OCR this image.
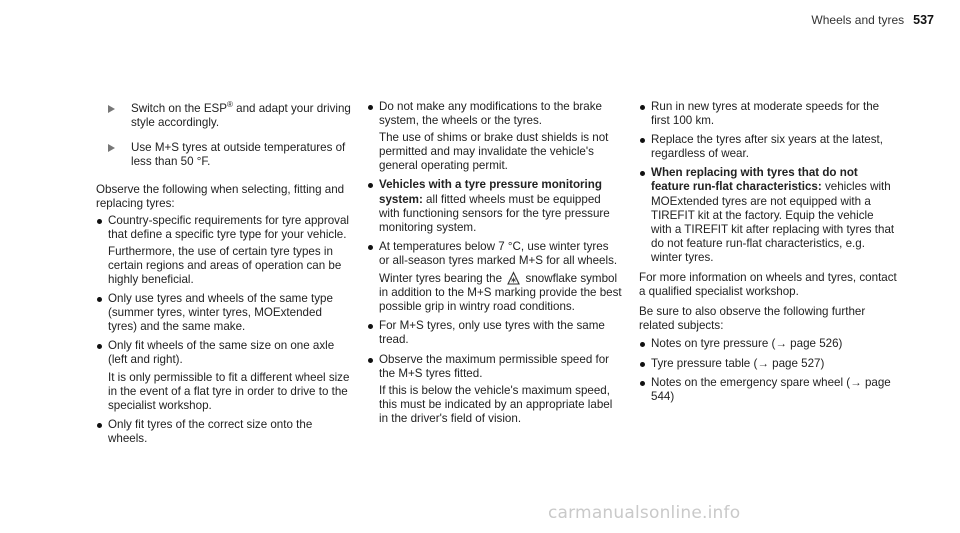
Wheels and tyres 537
Switch on the ESP® and adapt your driving style accordingly.
Use M+S tyres at outside temperatures of less than 50 °F.

Observe the following when selecting, fitting and replacing tyres:

Country-specific requirements for tyre approval that define a specific tyre type for your vehicle.

Furthermore, the use of certain tyre types in certain regions and areas of operation can be highly beneficial.

Only use tyres and wheels of the same type (summer tyres, winter tyres, MOExtended tyres) and the same make.

Only fit wheels of the same size on one axle (left and right).

It is only permissible to fit a different wheel size in the event of a flat tyre in order to drive to the specialist workshop.

Only fit tyres of the correct size onto the wheels.

Do not make any modifications to the brake system, the wheels or the tyres.

The use of shims or brake dust shields is not permitted and may invalidate the vehicle's general operating permit.

Vehicles with a tyre pressure monitoring system: all fitted wheels must be equipped with functioning sensors for the tyre pressure monitoring system.

At temperatures below 7 °C, use winter tyres or all-season tyres marked M+S for all wheels.

Winter tyres bearing the snowflake symbol in addition to the M+S marking provide the best possible grip in wintry road conditions.

For M+S tyres, only use tyres with the same tread.

Observe the maximum permissible speed for the M+S tyres fitted.

If this is below the vehicle's maximum speed, this must be indicated by an appropriate label in the driver's field of vision.

Run in new tyres at moderate speeds for the first 100 km.

Replace the tyres after six years at the latest, regardless of wear.

When replacing with tyres that do not feature run-flat characteristics: vehicles with MOExtended tyres are not equipped with a TIREFIT kit at the factory. Equip the vehicle with a TIREFIT kit after replacing with tyres that do not feature run-flat characteristics, e.g. winter tyres.

For more information on wheels and tyres, contact a qualified specialist workshop.

Be sure to also observe the following further related subjects:

Notes on tyre pressure (→ page 526)

Tyre pressure table (→ page 527)

Notes on the emergency spare wheel (→ page 544)

carmanualsonline.info
